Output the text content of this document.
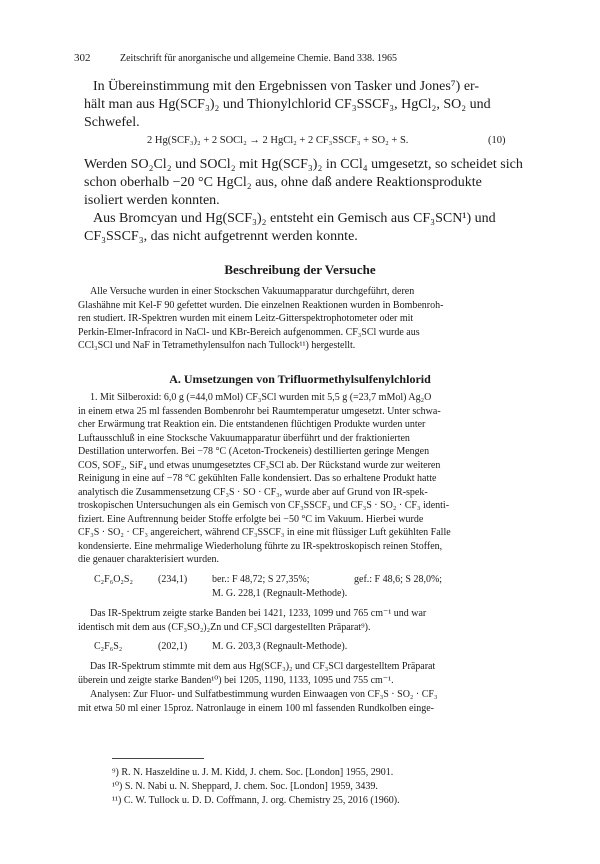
302	Zeitschrift für anorganische und allgemeine Chemie. Band 338. 1965

In Übereinstimmung mit den Ergebnissen von Tasker und Jones⁷) er-

hält man aus Hg(SCF₃)₂ und Thionylchlorid CF₃SSCF₃, HgCl₂, SO₂ und

Schwefel.

2 Hg(SCF₃)₂ + 2 SOCl₂ → 2 HgCl₂ + 2 CF₃SSCF₃ + SO₂ + S.	(10)

Werden SO₂Cl₂ und SOCl₂ mit Hg(SCF₃)₂ in CCl₄ umgesetzt, so scheidet sich

schon oberhalb −20 °C HgCl₂ aus, ohne daß andere Reaktionsprodukte

isoliert werden konnten.

Aus Bromcyan und Hg(SCF₃)₂ entsteht ein Gemisch aus CF₃SCN¹) und

CF₃SSCF₃, das nicht aufgetrennt werden konnte.

Beschreibung der Versuche

Alle Versuche wurden in einer Stockschen Vakuumapparatur durchgeführt, deren

Glashähne mit Kel-F 90 gefettet wurden. Die einzelnen Reaktionen wurden in Bombenroh-

ren studiert. IR-Spektren wurden mit einem Leitz-Gitterspektrophotometer oder mit

Perkin-Elmer-Infracord in NaCl- und KBr-Bereich aufgenommen. CF₃SCl wurde aus

CCl₃SCl und NaF in Tetramethylensulfon nach Tullock¹¹) hergestellt.

A. Umsetzungen von Trifluormethylsulfenylchlorid

1. Mit Silberoxid: 6,0 g (=44,0 mMol) CF₃SCl wurden mit 5,5 g (=23,7 mMol) Ag₂O

in einem etwa 25 ml fassenden Bombenrohr bei Raumtemperatur umgesetzt. Unter schwa-

cher Erwärmung trat Reaktion ein. Die entstandenen flüchtigen Produkte wurden unter

Luftausschluß in eine Stocksche Vakuumapparatur überführt und der fraktionierten

Destillation unterworfen. Bei −78 °C (Aceton-Trockeneis) destillierten geringe Mengen

COS, SOF₂, SiF₄ und etwas unumgesetztes CF₃SCl ab. Der Rückstand wurde zur weiteren

Reinigung in eine auf −78 °C gekühlten Falle kondensiert. Das so erhaltene Produkt hatte

analytisch die Zusammensetzung CF₃S · SO · CF₃, wurde aber auf Grund von IR-spek-

troskopischen Untersuchungen als ein Gemisch von CF₃SSCF₃ und CF₃S · SO₂ · CF₃ identi-

fiziert. Eine Auftrennung beider Stoffe erfolgte bei −50 °C im Vakuum. Hierbei wurde

CF₃S · SO₂ · CF₃ angereichert, während CF₃SSCF₃ in eine mit flüssiger Luft gekühlten Falle

kondensierte. Eine mehrmalige Wiederholung führte zu IR-spektroskopisch reinen Stoffen,

die genauer charakterisiert wurden.

C₂F₆O₂S₂	(234,1) ber.: F 48,72; S 27,35%;	gef.: F 48,6; S 28,0%;
M. G. 228,1 (Regnault-Methode).

Das IR-Spektrum zeigte starke Banden bei 1421, 1233, 1099 und 765 cm⁻¹ und war

identisch mit dem aus (CF₃SO₂)₂Zn und CF₃SCl dargestellten Präparat⁹).

C₂F₆S₂	(202,1) M. G. 203,3 (Regnault-Methode).

Das IR-Spektrum stimmte mit dem aus Hg(SCF₃)₂ und CF₃SCl dargestelltem Präparat

überein und zeigte starke Banden¹⁰) bei 1205, 1190, 1133, 1095 und 755 cm⁻¹.

Analysen: Zur Fluor- und Sulfatbestimmung wurden Einwaagen von CF₃S · SO₂ · CF₃

mit etwa 50 ml einer 15proz. Natronlauge in einem 100 ml fassenden Rundkolben einge-

⁹) R. N. Haszeldine u. J. M. Kidd, J. chem. Soc. [London] 1955, 2901.
¹⁰) S. N. Nabi u. N. Sheppard, J. chem. Soc. [London] 1959, 3439.
¹¹) C. W. Tullock u. D. D. Coffmann, J. org. Chemistry 25, 2016 (1960).
